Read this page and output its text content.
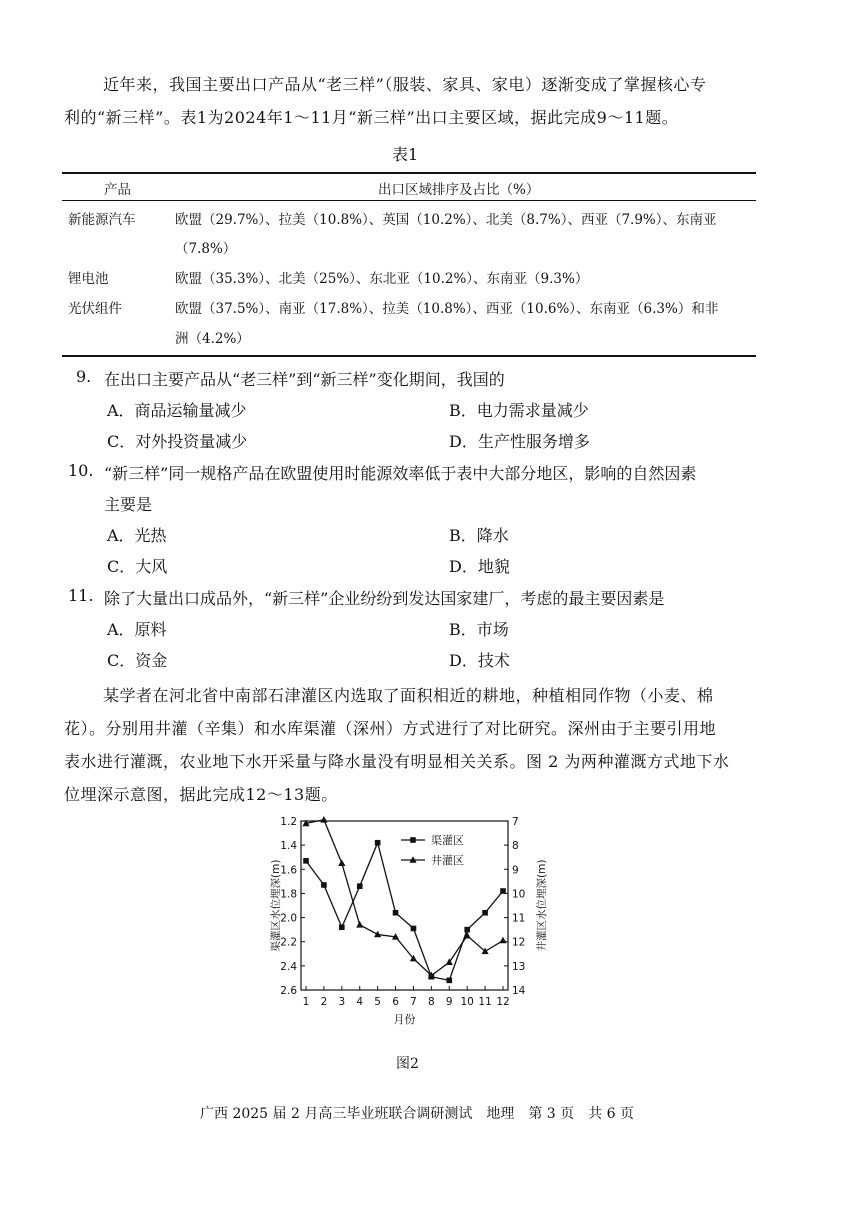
近年来，我国主要出口产品从“老三样”（服装、家具、家电）逐渐变成了掌握核心专
利的“新三样”。表1为2024年1～11月“新三样”出口主要区域，据此完成9～11题。
表1
产品	出口区域排序及占比（%）
新能源汽车	欧盟（29.7%）、拉美（10.8%）、英国（10.2%）、北美（8.7%）、西亚（7.9%）、东南亚
（7.8%）
锂电池	欧盟（35.3%）、北美（25%）、东北亚（10.2%）、东南亚（9.3%）
光伏组件	欧盟（37.5%）、南亚（17.8%）、拉美（10.8%）、西亚（10.6%）、东南亚（6.3%）和非
洲（4.2%）
9. 在出口主要产品从“老三样”到“新三样”变化期间，我国的
A．商品运输量减少	B．电力需求量减少
C．对外投资量减少	D．生产性服务增多
10. “新三样”同一规格产品在欧盟使用时能源效率低于表中大部分地区，影响的自然因素
主要是
A．光热	B．降水
C．大风	D．地貌
11. 除了大量出口成品外，“新三样”企业纷纷到发达国家建厂，考虑的最主要因素是
A．原料	B．市场
C．资金	D．技术
某学者在河北省中南部石津灌区内选取了面积相近的耕地，种植相同作物（小麦、棉
花）。分别用井灌（辛集）和水库渠灌（深州）方式进行了对比研究。深州由于主要引用地
表水进行灌溉，农业地下水开采量与降水量没有明显相关关系。图 2 为两种灌溉方式地下水
位埋深示意图，据此完成12～13题。
1.2
1.4
1.6
1.8
2.0
2.2
2.4
2.6
7
8
9
10
11
12
13
14
1 2 3 4 5 6 7 8 9 10 11 12
月份
渠灌区水位埋深(m)	井灌区水位埋深(m)
渠灌区
井灌区
图2
广西 2025 届 2 月高三毕业班联合调研测试　地理　第 3 页　共 6 页
